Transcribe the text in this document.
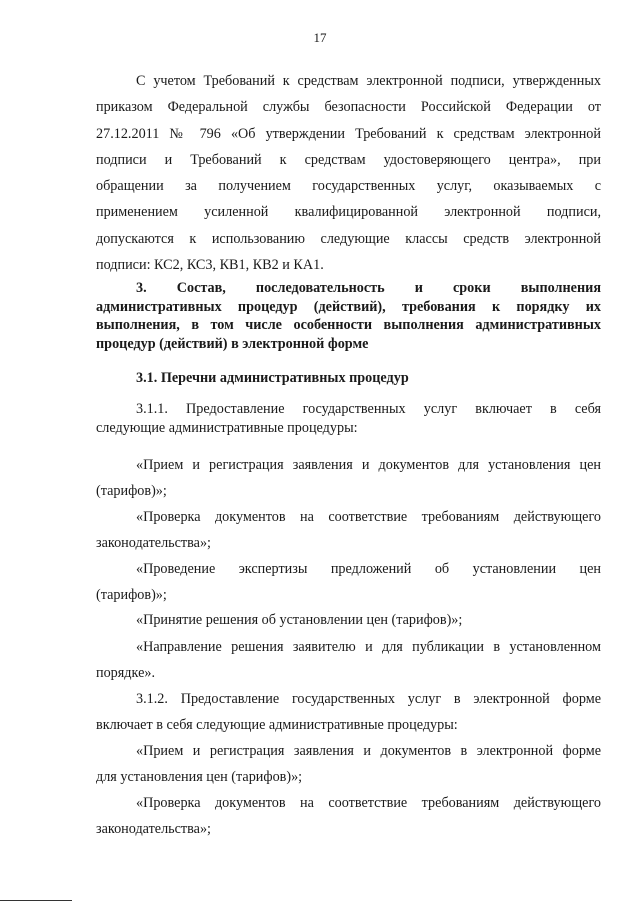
17
С учетом Требований к средствам электронной подписи, утвержденных
приказом Федеральной службы безопасности Российской Федерации от
27.12.2011 № 796 «Об утверждении Требований к средствам электронной
подписи и Требований к средствам удостоверяющего центра», при
обращении за получением государственных услуг, оказываемых с
применением усиленной квалифицированной электронной подписи,
допускаются к использованию следующие классы средств электронной
подписи: КС2, КС3, КВ1, КВ2 и КА1.
3. Состав, последовательность и сроки выполнения
административных процедур (действий), требования к порядку их
выполнения, в том числе особенности выполнения административных
процедур (действий) в электронной форме
3.1. Перечни административных процедур
3.1.1. Предоставление государственных услуг включает в себя
следующие административные процедуры:
«Прием и регистрация заявления и документов для установления цен
(тарифов)»;
«Проверка документов на соответствие требованиям действующего
законодательства»;
«Проведение экспертизы предложений об установлении цен
(тарифов)»;
«Принятие решения об установлении цен (тарифов)»;
«Направление решения заявителю и для публикации в установленном
порядке».
3.1.2. Предоставление государственных услуг в электронной форме
включает в себя следующие административные процедуры:
«Прием и регистрация заявления и документов в электронной форме
для установления цен (тарифов)»;
«Проверка документов на соответствие требованиям действующего
законодательства»;
